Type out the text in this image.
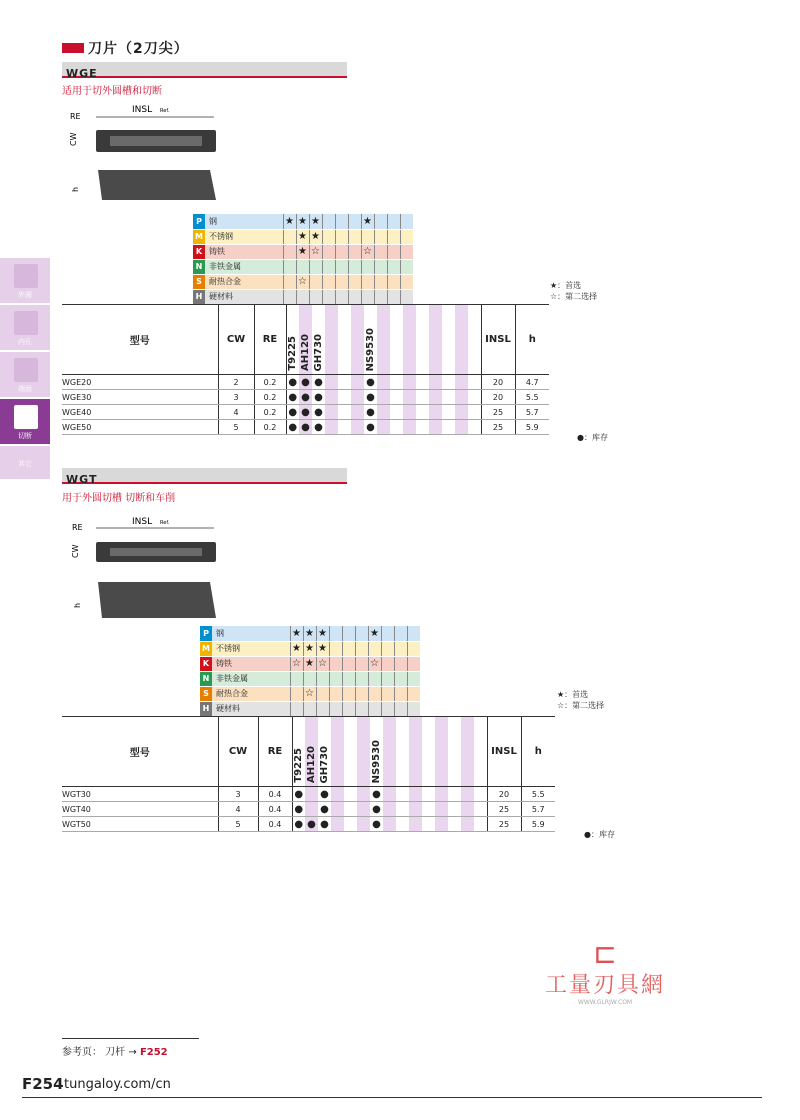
刀片（2刀尖）
外圆
内孔
端面
切断
其它
WGE
适用于切外圆槽和切断
INSL Ref.
RE
CW
h
P	钢	★	★	★				★			
M	不锈钢		★	★							
K	铸铁		★	☆				☆			
N	非铁金属										
S	耐热合金		☆								
H	硬材料										
★：首选
☆：第二选择
型号	CW	RE	T9225	AH120	GH730				NS9530									INSL	h
WGE20	2	0.2	●	●	●				●									20	4.7
WGE30	3	0.2	●	●	●				●									20	5.5
WGE40	4	0.2	●	●	●				●									25	5.7
WGE50	5	0.2	●	●	●				●									25	5.9
●：库存
WGT
用于外圆切槽 切断和车削
INSL Ref.
RE
CW
h
P	钢	★	★	★				★			
M	不锈钢	★	★	★							
K	铸铁	☆	★	☆				☆			
N	非铁金属										
S	耐热合金		☆								
H	硬材料										
★：首选
☆：第二选择
型号	CW	RE	T9225	AH120	GH730				NS9530									INSL	h
WGT30	3	0.4	●		●				●									20	5.5
WGT40	4	0.4	●		●				●									25	5.7
WGT50	5	0.4	●	●	●				●									25	5.9
●：库存
⊏
工量刃具網
WWW.GLRJW.COM
参考页： 刀杆 → F252
F254 tungaloy.com/cn
